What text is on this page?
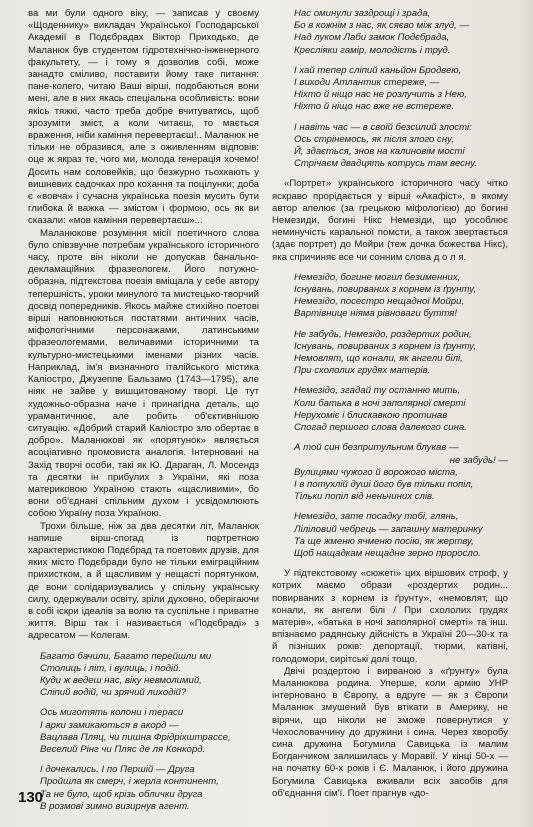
ва ми були одного віку, — записав у своєму «Щоденнику» викладач Української Господарської Академії в Подєбрадах Віктор Приходько, де Маланюк був студентом гідротехнічно-інженерного факультету, — і тому я дозволив собі, може занадто сміливо, поставити йому таке питання: пане-колего, читаю Ваші вірші, подобаються вони мені, але в них якась спеціальна особливість: вони якісь тяжкі, часто треба добре вчитуватись, щоб зрозуміти зміст, а коли читаєш, то мається враження, ніби каміння перевертаєш!.. Маланюк не тільки не образився, але з оживленням відповів: оце ж якраз те, чого ми, молода генерація хочемо! Досить нам соловейків, що безжурно тьохкають у вишневих садочках про кохання та поцілунки; доба є «вовча» і сучасна українська поезія мусить бути глибока й важка — змістом і формою, ось як ви сказали: «мов каміння перевертаєш»...

Маланюкове розуміння місії поетичного слова було співзвучне потребам українського історичного часу, проте він ніколи не допускав банально-декламаційних фразеологем. Його потужно-образна, підтекстова поезія вміщала у себе автору тепершність, уроки минулого та мистецько-творчий досвід попередників. Якось майже стихійно поетові вірші наповнюються постатями античних часів, міфологічними персонажами, латинськими фразеологемами, величавими історичними та культурно-мистецькими іменами різних часів. Наприклад, ім'я визначного італійського містика Каліостро, Джузеппе Бальзамо (1743—1795), але ніяк не зайве у вишцитованому творі. Це тут художньо-образна наче і принагідна деталь, що урамантичнює, але робить об'єктивнішою ситуацію. «Добрий старий Калiостро зло обертає в добро». Маланюкові як «порятунок» являється асоціативно промовиста аналогія. Інтерновані на Захід творчі особи, такі як Ю. Дараган, Л. Мосендз та десятки ін прибулих з України, які поза материковою Україною стають «щасливими», бо вони об'єднані спільним духом і усвідомлюють собою Україну поза Україною.

Трохи більше, ніж за два десятки літ, Маланюк напише вірш-спогад із портретною характеристикою Подєбрад та поетових друзів, для яких місто Подєбради було не тільки еміграційним прихистком, а й щасливим у нещасті порятунком, де вони солідаризувались у спільну українську силу, одержували освіту, зріли духовно, оберігаючи в собі іскри ідеалів за волю та суспільне і приватне життя. Вірш так і називається «Подєбраді» з адресатом — Колегам.

Багато бачили. Багато перейшли ми
Столиць і літ, і вулиць, і подій.
Куди ж ведеш нас, віку невмолимий,
Сліпий водій, чи зрячий лиходій?
Ось миготять колони і тераси
І арки замикаються в акорд —
Вацлава Пляц, чи пишна Фрідріхштрассе,
Веселий Рінг чи Пляс де ля Конкорд.
І дочекались. І по Першій — Друга
Пройшла як смерч, і жерла континент,
Та не було, щоб крізь облички друга
В розмові зимно визирнув агент.
Нас оминули заздрощі і зрада,
Бо в кожнім з нас, як сяєво між злуд, —
Над луком Лаби замок Подєбрада,
Кресліяки гамір, молодість і труд.
І хай тепер сліпий каньйон Бродвею,
І виходи Атлантик стереже, —
Ніхто й ніщо нас не розлучить з Нею,
Ніхто й ніщо нас вже не встереже.
І навіть час — в своїй безсилий злості:
Ось стрінемось, як після злого сну,
Й, здається, знов на калиновім мості
Стрічаєм двадцять котрусь там весну.

«Портрет» українського історичного часу чітко яскраво прорідається у вірші «Акафіст», в якому автор апелює (за грецькою міфологією) до богині Немезиди, богині Нікс Немезіди, що уособлює неминучість каральної помсти, а також звертається (здає портрет) до Мойри (теж дочка божества Нікс), яка спричиняє все чи сонним слова д о л я.

Немезідо, богине могил безименних,
Існувань, повирваних з корнем із ґрунту,
Немезідо, посестро нещадної Мойри,
Вартівнице ніяма рівноваги буття!
Не забудь, Немезідо, роздертих родин,
Існувань, повирваних з корнем із ґрунту,
Немовлят, що конали, як ангели білі,
При схололих грудях матерів.
Немезідо, згадай ту останню мить,
Коли батька в ночі заполярної смерті
Нерухоміє і блискавкою протинав
Спогад першого слова далекого сина.
А той син безпритульним блукав —
не забудь! —
Вулицями чужого й ворожого міста,
І в потухлій душі його був тільки попіл,
Тільки попіл від неньчиних слів.
Немезідо, зате посадку тобі, глянь,
Ліліловий чебрець — запашну материнку
Та ще жменю ячменю посію, як жертву,
Щоб нащадкам нещадне зерно проросло.

У підтекстовому «сюжеті» цих віршових строф, у котрих маємо образи «роздертих родин... повирваних з корнем із ґрунту», «немовлят, що конали, як ангели білі / При схололих грудях матерів», «батька в ночі заполярної смерті» та інш. впізнаємо радянську дійсність в Україні 20—30-х та й пізніших років: депортації, тюрми, катівні, голодомори, сирітські долі тощо.

Двічі роздертою і вирваною з «ґрунту» була Маланюкова родина. Уперше, коли армію УНР інтерновано в Європу, а вдруге — як з Європи Маланюк змушений був втікати в Америку, не вірячи, що ніколи не зможе повернутися у Чехословаччину до дружини і сина. Через хворобу сина дружина Богумила Савицька із малим Богданчиком залишилась у Моравії. У кінці 50-х — на початку 60-х років і Є. Маланюк, і його дружина Богумила Савицька вживали всіх засобів для об'єднання сім'ї. Поет прагнув «до-

130
